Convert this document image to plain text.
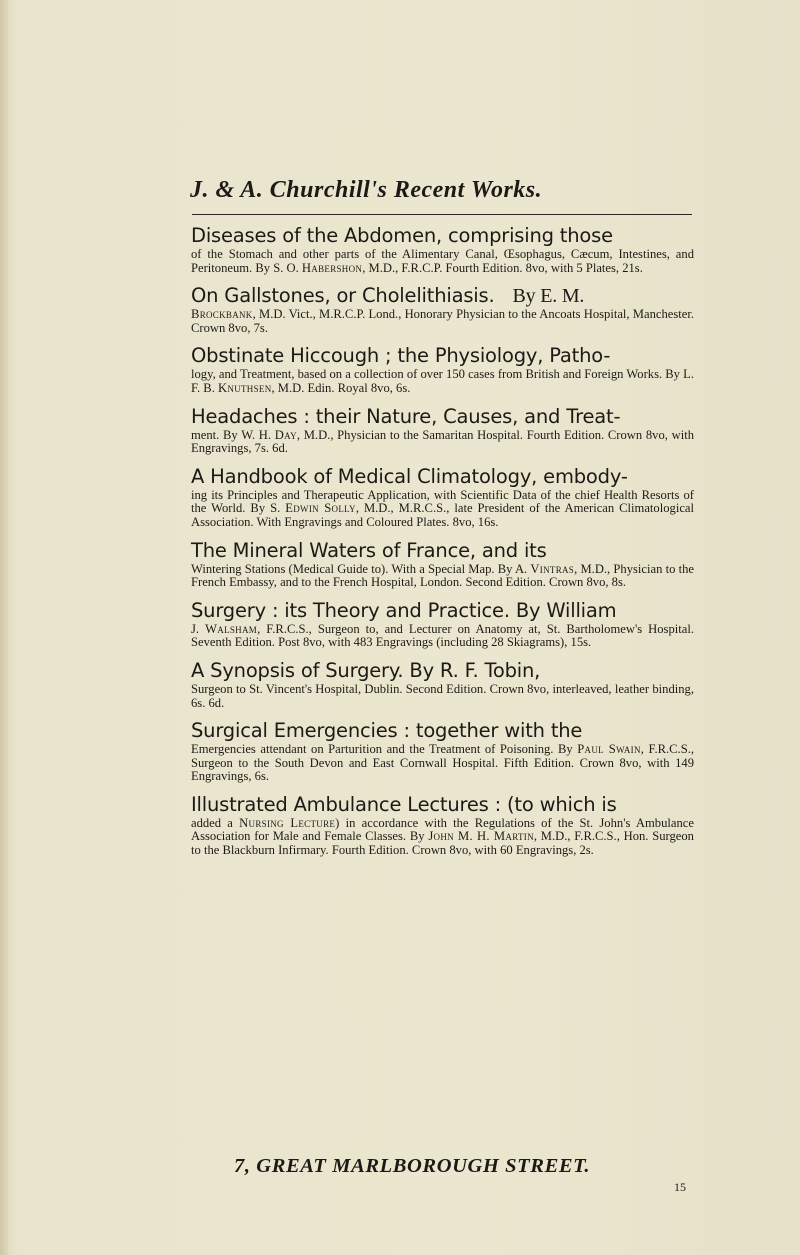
J. & A. Churchill's Recent Works.
Diseases of the Abdomen, comprising those
of the Stomach and other parts of the Alimentary Canal, Œsophagus, Cæcum, Intestines, and Peritoneum. By S. O. Habershon, M.D., F.R.C.P. Fourth Edition. 8vo, with 5 Plates, 21s.
On Gallstones, or Cholelithiasis. By E. M.
Brockbank, M.D. Vict., M.R.C.P. Lond., Honorary Physician to the Ancoats Hospital, Manchester. Crown 8vo, 7s.
Obstinate Hiccough ; the Physiology, Patho-
logy, and Treatment, based on a collection of over 150 cases from British and Foreign Works. By L. F. B. Knuthsen, M.D. Edin. Royal 8vo, 6s.
Headaches : their Nature, Causes, and Treat-
ment. By W. H. Day, M.D., Physician to the Samaritan Hospital. Fourth Edition. Crown 8vo, with Engravings, 7s. 6d.
A Handbook of Medical Climatology, embody-
ing its Principles and Therapeutic Application, with Scientific Data of the chief Health Resorts of the World. By S. Edwin Solly, M.D., M.R.C.S., late President of the American Climatological Association. With Engravings and Coloured Plates. 8vo, 16s.
The Mineral Waters of France, and its
Wintering Stations (Medical Guide to). With a Special Map. By A. Vintras, M.D., Physician to the French Embassy, and to the French Hospital, London. Second Edition. Crown 8vo, 8s.
Surgery : its Theory and Practice. By William
J. Walsham, F.R.C.S., Surgeon to, and Lecturer on Anatomy at, St. Bartholomew's Hospital. Seventh Edition. Post 8vo, with 483 Engravings (including 28 Skiagrams), 15s.
A Synopsis of Surgery. By R. F. Tobin,
Surgeon to St. Vincent's Hospital, Dublin. Second Edition. Crown 8vo, interleaved, leather binding, 6s. 6d.
Surgical Emergencies : together with the
Emergencies attendant on Parturition and the Treatment of Poisoning. By Paul Swain, F.R.C.S., Surgeon to the South Devon and East Cornwall Hospital. Fifth Edition. Crown 8vo, with 149 Engravings, 6s.
Illustrated Ambulance Lectures : (to which is
added a Nursing Lecture) in accordance with the Regulations of the St. John's Ambulance Association for Male and Female Classes. By John M. H. Martin, M.D., F.R.C.S., Hon. Surgeon to the Blackburn Infirmary. Fourth Edition. Crown 8vo, with 60 Engravings, 2s.
7, GREAT MARLBOROUGH STREET.
15
